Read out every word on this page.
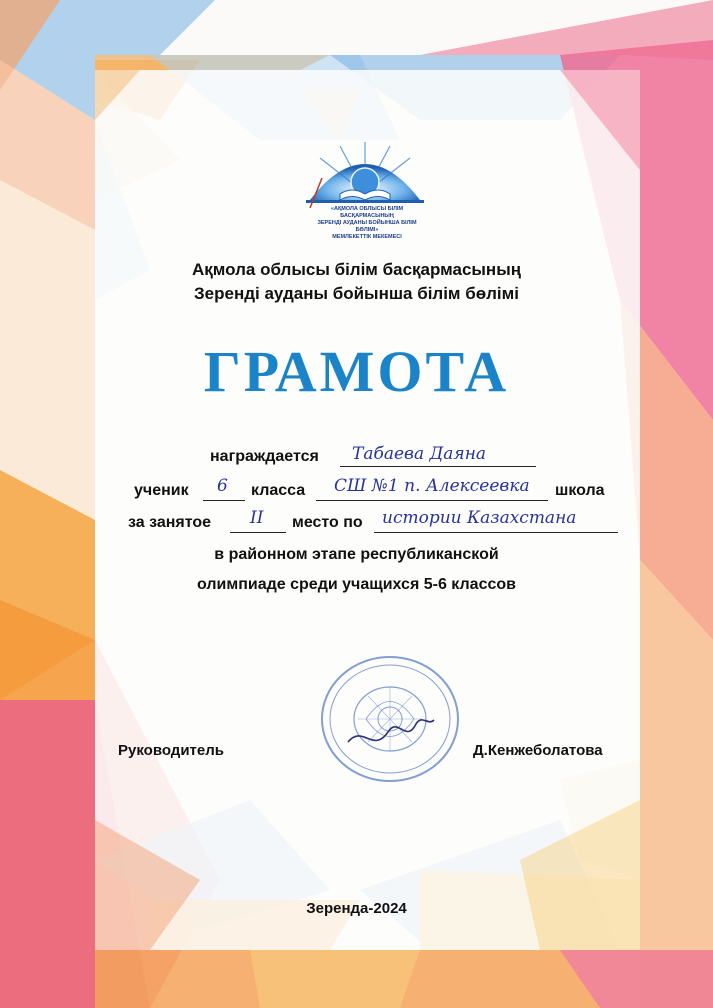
«АҚМОЛА ОБЛЫСЫ БІЛІМ БАСҚАРМАСЫНЫҢ
ЗЕРЕНДІ АУДАНЫ БОЙЫНША БІЛІМ БӨЛІМІ»
МЕМЛЕКЕТТІК МЕКЕМЕСІ
Ақмола облысы білім басқармасының
Зеренді ауданы бойынша білім бөлімі
ГРАМОТА
награждается Табаева Даяна
ученик 6 класса СШ №1 п. Алексеевка школа
за занятое II место по истории Казахстана
в районном этапе республиканской
олимпиаде среди учащихся 5-6 классов
Руководитель	Д.Кенжеболатова
Зеренда-2024
